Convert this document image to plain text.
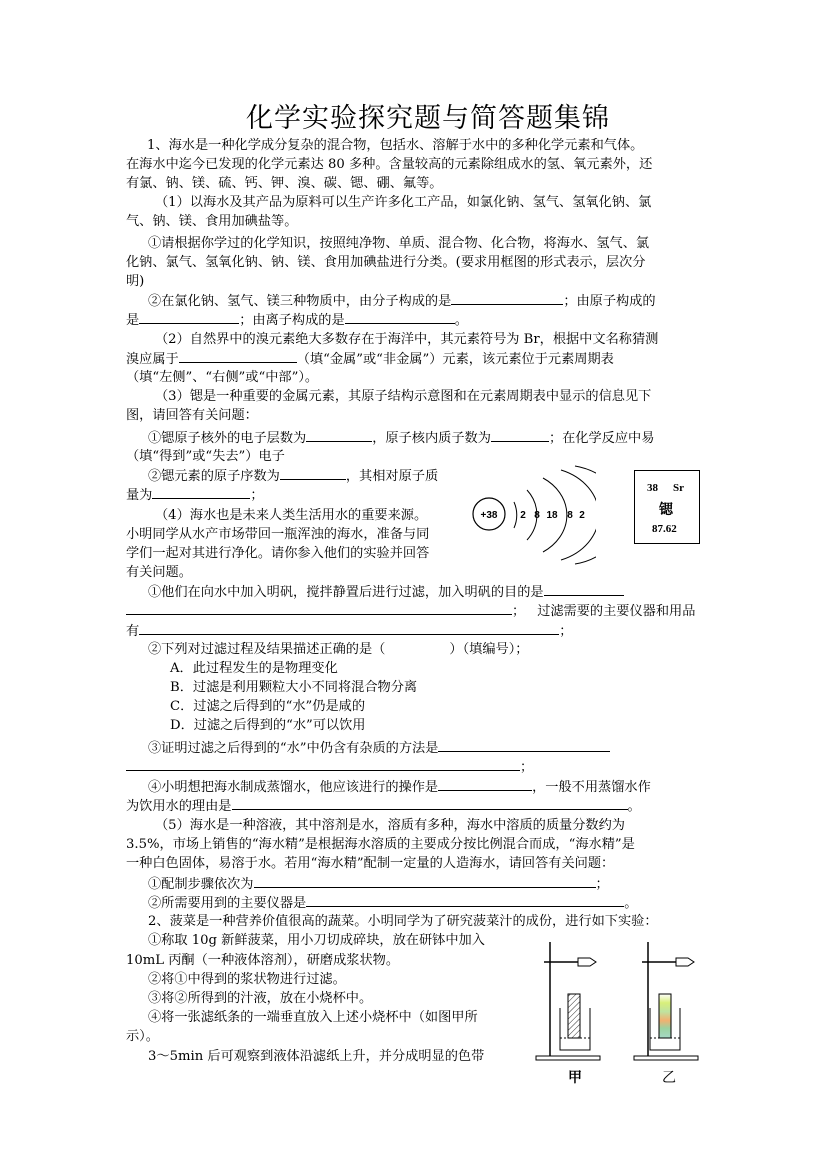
化学实验探究题与简答题集锦
1、海水是一种化学成分复杂的混合物，包括水、溶解于水中的多种化学元素和气体。
在海水中迄今已发现的化学元素达 80 多种。含量较高的元素除组成水的氢、氧元素外，还
有氯、钠、镁、硫、钙、钾、溴、碳、锶、硼、氟等。
（1）以海水及其产品为原料可以生产许多化工产品，如氯化钠、氢气、氢氧化钠、氯
气、钠、镁、食用加碘盐等。
①请根据你学过的化学知识，按照纯净物、单质、混合物、化合物，将海水、氢气、氯
化钠、氯气、氢氧化钠、钠、镁、食用加碘盐进行分类。(要求用框图的形式表示，层次分
明)
②在氯化钠、氢气、镁三种物质中，由分子构成的是	；由原子构成的
是	；由离子构成的是	。
（2）自然界中的溴元素绝大多数存在于海洋中，其元素符号为 Br，根据中文名称猜测
溴应属于	（填“金属”或“非金属”）元素，该元素位于元素周期表
（填“左侧”、“右侧”或“中部”）。
（3）锶是一种重要的金属元素，其原子结构示意图和在元素周期表中显示的信息见下
图，请回答有关问题：
①锶原子核外的电子层数为	，原子核内质子数为	；在化学反应中易
（填“得到”或“失去”）电子
②锶元素的原子序数为	，其相对原子质
量为	；
（4）海水也是未来人类生活用水的重要来源。
小明同学从水产市场带回一瓶浑浊的海水，准备与同
学们一起对其进行净化。请你参入他们的实验并回答
有关问题。
+38 2 8 18 8 2
38 Sr
锶
87.62
①他们在向水中加入明矾，搅拌静置后进行过滤，加入明矾的目的是
； 过滤需要的主要仪器和用品
有	；
②下列对过滤过程及结果描述正确的是（	）（填编号）；
A．此过程发生的是物理变化
B．过滤是利用颗粒大小不同将混合物分离
C．过滤之后得到的“水”仍是咸的
D．过滤之后得到的“水”可以饮用
③证明过滤之后得到的“水”中仍含有杂质的方法是
；
④小明想把海水制成蒸馏水，他应该进行的操作是	，一般不用蒸馏水作
为饮用水的理由是	。
（5）海水是一种溶液，其中溶剂是水，溶质有多种，海水中溶质的质量分数约为
3.5%，市场上销售的“海水精”是根据海水溶质的主要成分按比例混合而成，“海水精”是
一种白色固体，易溶于水。若用“海水精”配制一定量的人造海水，请回答有关问题：
①配制步骤依次为	；
②所需要用到的主要仪器是	。
2、菠菜是一种营养价值很高的蔬菜。小明同学为了研究菠菜汁的成份，进行如下实验：
①称取 10g 新鲜菠菜，用小刀切成碎块，放在研钵中加入
10mL 丙酮（一种液体溶剂），研磨成浆状物。
②将①中得到的浆状物进行过滤。
③将②所得到的汁液，放在小烧杯中。
④将一张滤纸条的一端垂直放入上述小烧杯中（如图甲所
示）。
3～5min 后可观察到液体沿滤纸上升，并分成明显的色带
甲	乙
